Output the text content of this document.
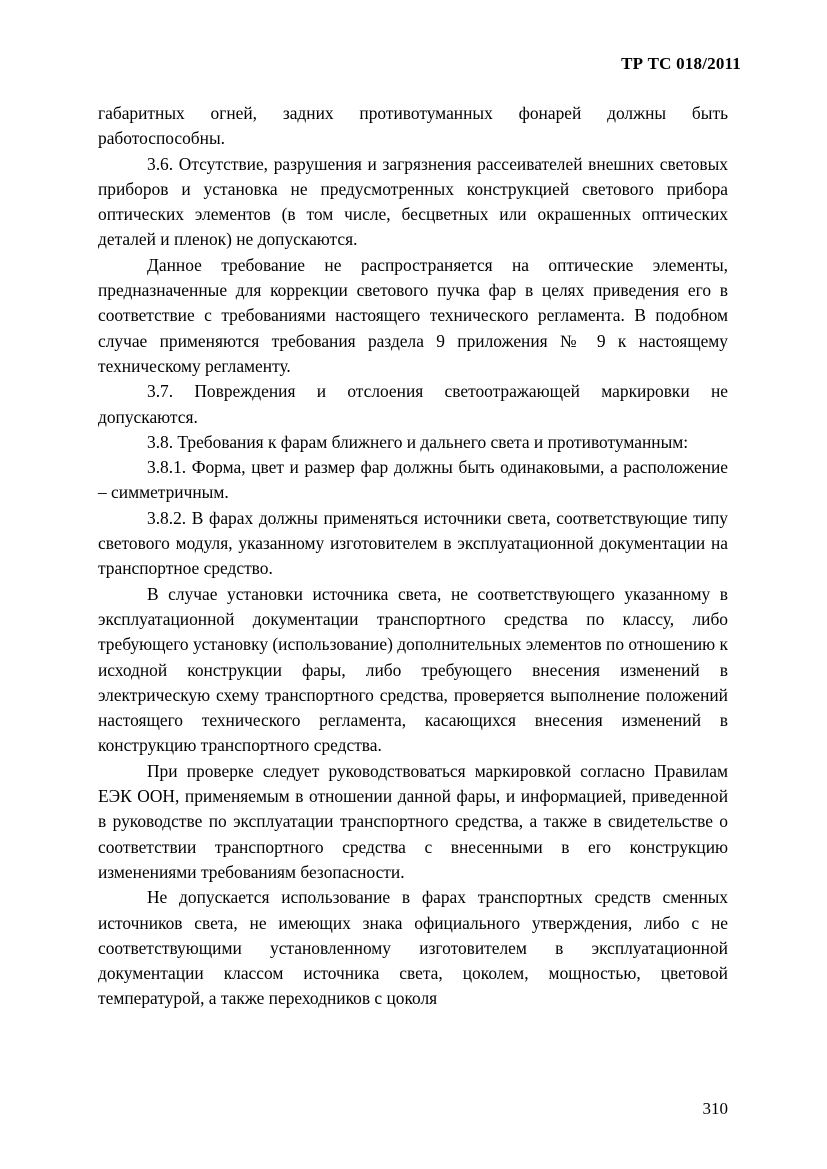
ТР ТС 018/2011

габаритных огней, задних противотуманных фонарей должны быть работоспособны.

3.6. Отсутствие, разрушения и загрязнения рассеивателей внешних световых приборов и установка не предусмотренных конструкцией светового прибора оптических элементов (в том числе, бесцветных или окрашенных оптических деталей и пленок) не допускаются.

Данное требование не распространяется на оптические элементы, предназначенные для коррекции светового пучка фар в целях приведения его в соответствие с требованиями настоящего технического регламента. В подобном случае применяются требования раздела 9 приложения № 9 к настоящему техническому регламенту.

3.7. Повреждения и отслоения светоотражающей маркировки не допускаются.

3.8. Требования к фарам ближнего и дальнего света и противотуманным:

3.8.1. Форма, цвет и размер фар должны быть одинаковыми, а расположение – симметричным.

3.8.2. В фарах должны применяться источники света, соответствующие типу светового модуля, указанному изготовителем в эксплуатационной документации на транспортное средство.

В случае установки источника света, не соответствующего указанному в эксплуатационной документации транспортного средства по классу, либо требующего установку (использование) дополнительных элементов по отношению к исходной конструкции фары, либо требующего внесения изменений в электрическую схему транспортного средства, проверяется выполнение положений настоящего технического регламента, касающихся внесения изменений в конструкцию транспортного средства.

При проверке следует руководствоваться маркировкой согласно Правилам ЕЭК ООН, применяемым в отношении данной фары, и информацией, приведенной в руководстве по эксплуатации транспортного средства, а также в свидетельстве о соответствии транспортного средства с внесенными в его конструкцию изменениями требованиям безопасности.

Не допускается использование в фарах транспортных средств сменных источников света, не имеющих знака официального утверждения, либо с не соответствующими установленному изготовителем в эксплуатационной документации классом источника света, цоколем, мощностью, цветовой температурой, а также переходников с цоколя

310
